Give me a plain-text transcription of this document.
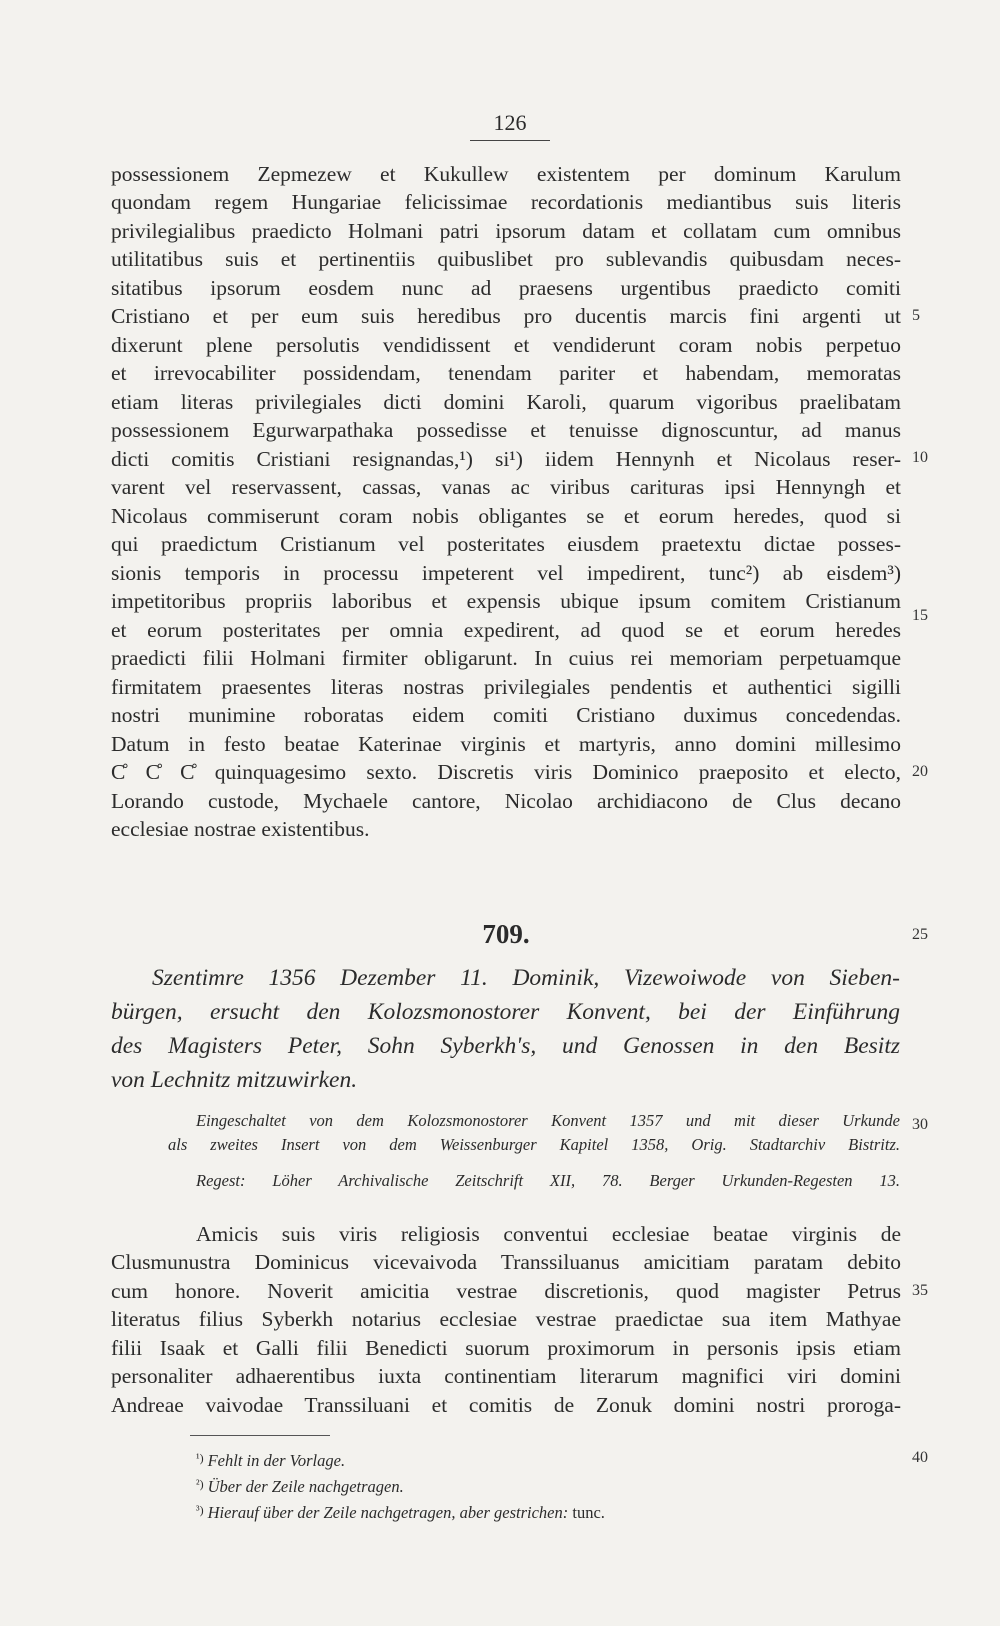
126
possessionem Zepmezew et Kukullew existentem per dominum Karulum
quondam regem Hungariae felicissimae recordationis mediantibus suis literis
privilegialibus praedicto Holmani patri ipsorum datam et collatam cum omnibus
utilitatibus suis et pertinentiis quibuslibet pro sublevandis quibusdam neces-
sitatibus ipsorum eosdem nunc ad praesens urgentibus praedicto comiti
Cristiano et per eum suis heredibus pro ducentis marcis fini argenti ut
dixerunt plene persolutis vendidissent et vendiderunt coram nobis perpetuo
et irrevocabiliter possidendam, tenendam pariter et habendam, memoratas
etiam literas privilegiales dicti domini Karoli, quarum vigoribus praelibatam
possessionem Egurwarpathaka possedisse et tenuisse dignoscuntur, ad manus
dicti comitis Cristiani resignandas,¹) si¹) iidem Hennynh et Nicolaus reser-
varent vel reservassent, cassas, vanas ac viribus carituras ipsi Hennyngh et
Nicolaus commiserunt coram nobis obligantes se et eorum heredes, quod si
qui praedictum Cristianum vel posteritates eiusdem praetextu dictae posses-
sionis temporis in processu impeterent vel impedirent, tunc²) ab eisdem³)
impetitoribus propriis laboribus et expensis ubique ipsum comitem Cristianum
et eorum posteritates per omnia expedirent, ad quod se et eorum heredes
praedicti filii Holmani firmiter obligarunt. In cuius rei memoriam perpetuamque
firmitatem praesentes literas nostras privilegiales pendentis et authentici sigilli
nostri munimine roboratas eidem comiti Cristiano duximus concedendas.
Datum in festo beatae Katerinae virginis et martyris, anno domini millesimo
C̊ C̊ C̊ quinquagesimo sexto. Discretis viris Dominico praeposito et electo,
Lorando custode, Mychaele cantore, Nicolao archidiacono de Clus decano
ecclesiae nostrae existentibus.
709.
Szentimre 1356 Dezember 11. Dominik, Vizewoiwode von Sieben-
bürgen, ersucht den Kolozsmonostorer Konvent, bei der Einführung
des Magisters Peter, Sohn Syberkh's, und Genossen in den Besitz
von Lechnitz mitzuwirken.
Eingeschaltet von dem Kolozsmonostorer Konvent 1357 und mit dieser Urkunde
als zweites Insert von dem Weissenburger Kapitel 1358, Orig. Stadtarchiv Bistritz.
Regest: Löher Archivalische Zeitschrift XII, 78. Berger Urkunden-Regesten 13.
Amicis suis viris religiosis conventui ecclesiae beatae virginis de
Clusmunustra Dominicus vicevaivoda Transsiluanus amicitiam paratam debito
cum honore. Noverit amicitia vestrae discretionis, quod magister Petrus
literatus filius Syberkh notarius ecclesiae vestrae praedictae sua item Mathyae
filii Isaak et Galli filii Benedicti suorum proximorum in personis ipsis etiam
personaliter adhaerentibus iuxta continentiam literarum magnifici viri domini
Andreae vaivodae Transsiluani et comitis de Zonuk domini nostri proroga-
$^{^1)}$ Fehlt in der Vorlage.
$^{^2)}$ Über der Zeile nachgetragen.
$^{^3)}$ Hierauf über der Zeile nachgetragen, aber gestrichen: tunc.
5
10
15
20
25
30
35
40
